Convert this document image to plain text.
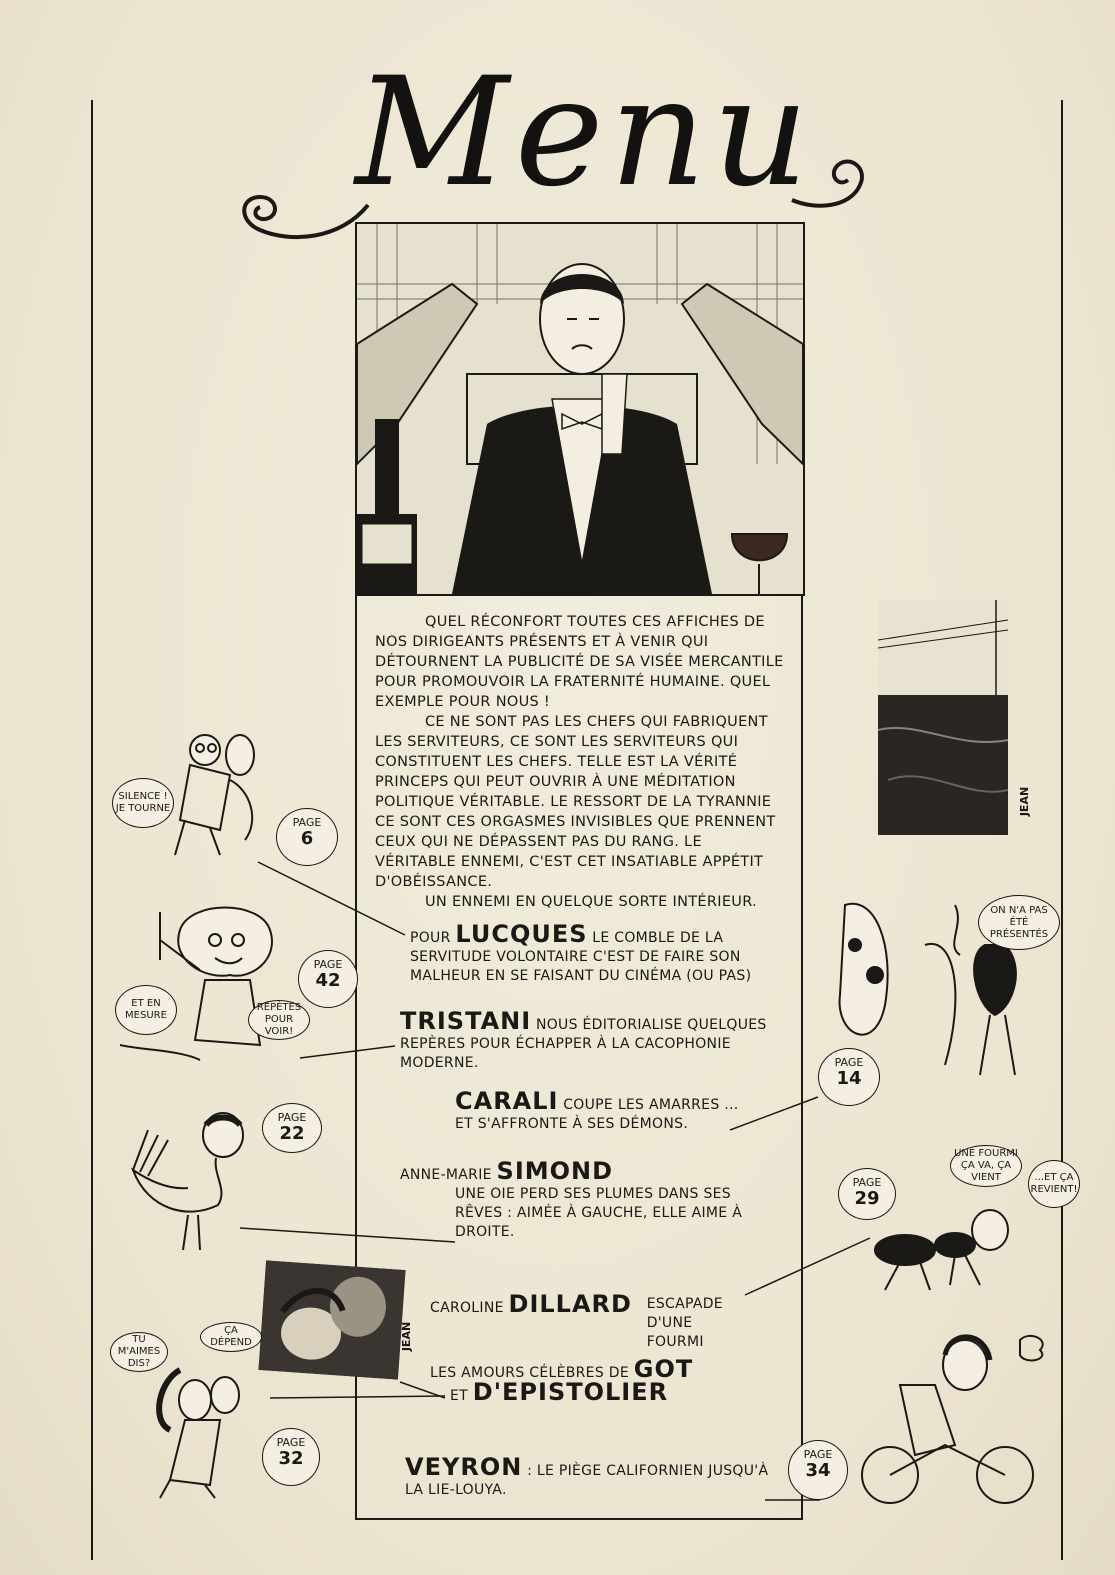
Menu

QUEL RÉCONFORT TOUTES CES AFFICHES DE NOS DIRIGEANTS PRÉSENTS ET À VENIR QUI DÉTOURNENT LA PUBLICITÉ DE SA VISÉE MERCANTILE POUR PROMOUVOIR LA FRATERNITÉ HUMAINE. QUEL EXEMPLE POUR NOUS !

CE NE SONT PAS LES CHEFS QUI FABRIQUENT LES SERVITEURS, CE SONT LES SERVITEURS QUI CONSTITUENT LES CHEFS. TELLE EST LA VÉRITÉ PRINCEPS QUI PEUT OUVRIR À UNE MÉDITATION POLITIQUE VÉRITABLE. LE RESSORT DE LA TYRANNIE CE SONT CES ORGASMES INVISIBLES QUE PRENNENT CEUX QUI NE DÉPASSENT PAS DU RANG. LE VÉRITABLE ENNEMI, C'EST CET INSATIABLE APPÉTIT D'OBÉISSANCE.

UN ENNEMI EN QUELQUE SORTE INTÉRIEUR.

POUR LUCQUES LE COMBLE DE LA SERVITUDE VOLONTAIRE C'EST DE FAIRE SON MALHEUR EN SE FAISANT DU CINÉMA (OU PAS)
TRISTANI NOUS ÉDITORIALISE QUELQUES REPÈRES POUR ÉCHAPPER À LA CACOPHONIE MODERNE.
CARALI COUPE LES AMARRES ... ET S'AFFRONTE À SES DÉMONS.
ANNE-MARIE SIMOND
UNE OIE PERD SES PLUMES DANS SES RÊVES : AIMÉE À GAUCHE, ELLE AIME À DROITE.
CAROLINE DILLARD ESCAPADE D'UNE FOURMI
LES AMOURS CÉLÈBRES DE GOT
ET D'EPISTOLIER
VEYRON : LE PIÈGE CALIFORNIEN JUSQU'À LA LIE-LOUYA.
JEAN
SILENCE ! JE TOURNE
PAGE
6
PAGE
42
ET EN MESURE
RÉPÈTES POUR VOIR!
PAGE
22
JEAN
TU M'AIMES DIS?
ÇA DÉPEND
PAGE
32
ON N'A PAS ÉTÉ PRÉSENTÉS
PAGE
14
UNE FOURMI ÇA VA, ÇA VIENT	...ET ÇA REVIENT!
PAGE
29
PAGE
34
